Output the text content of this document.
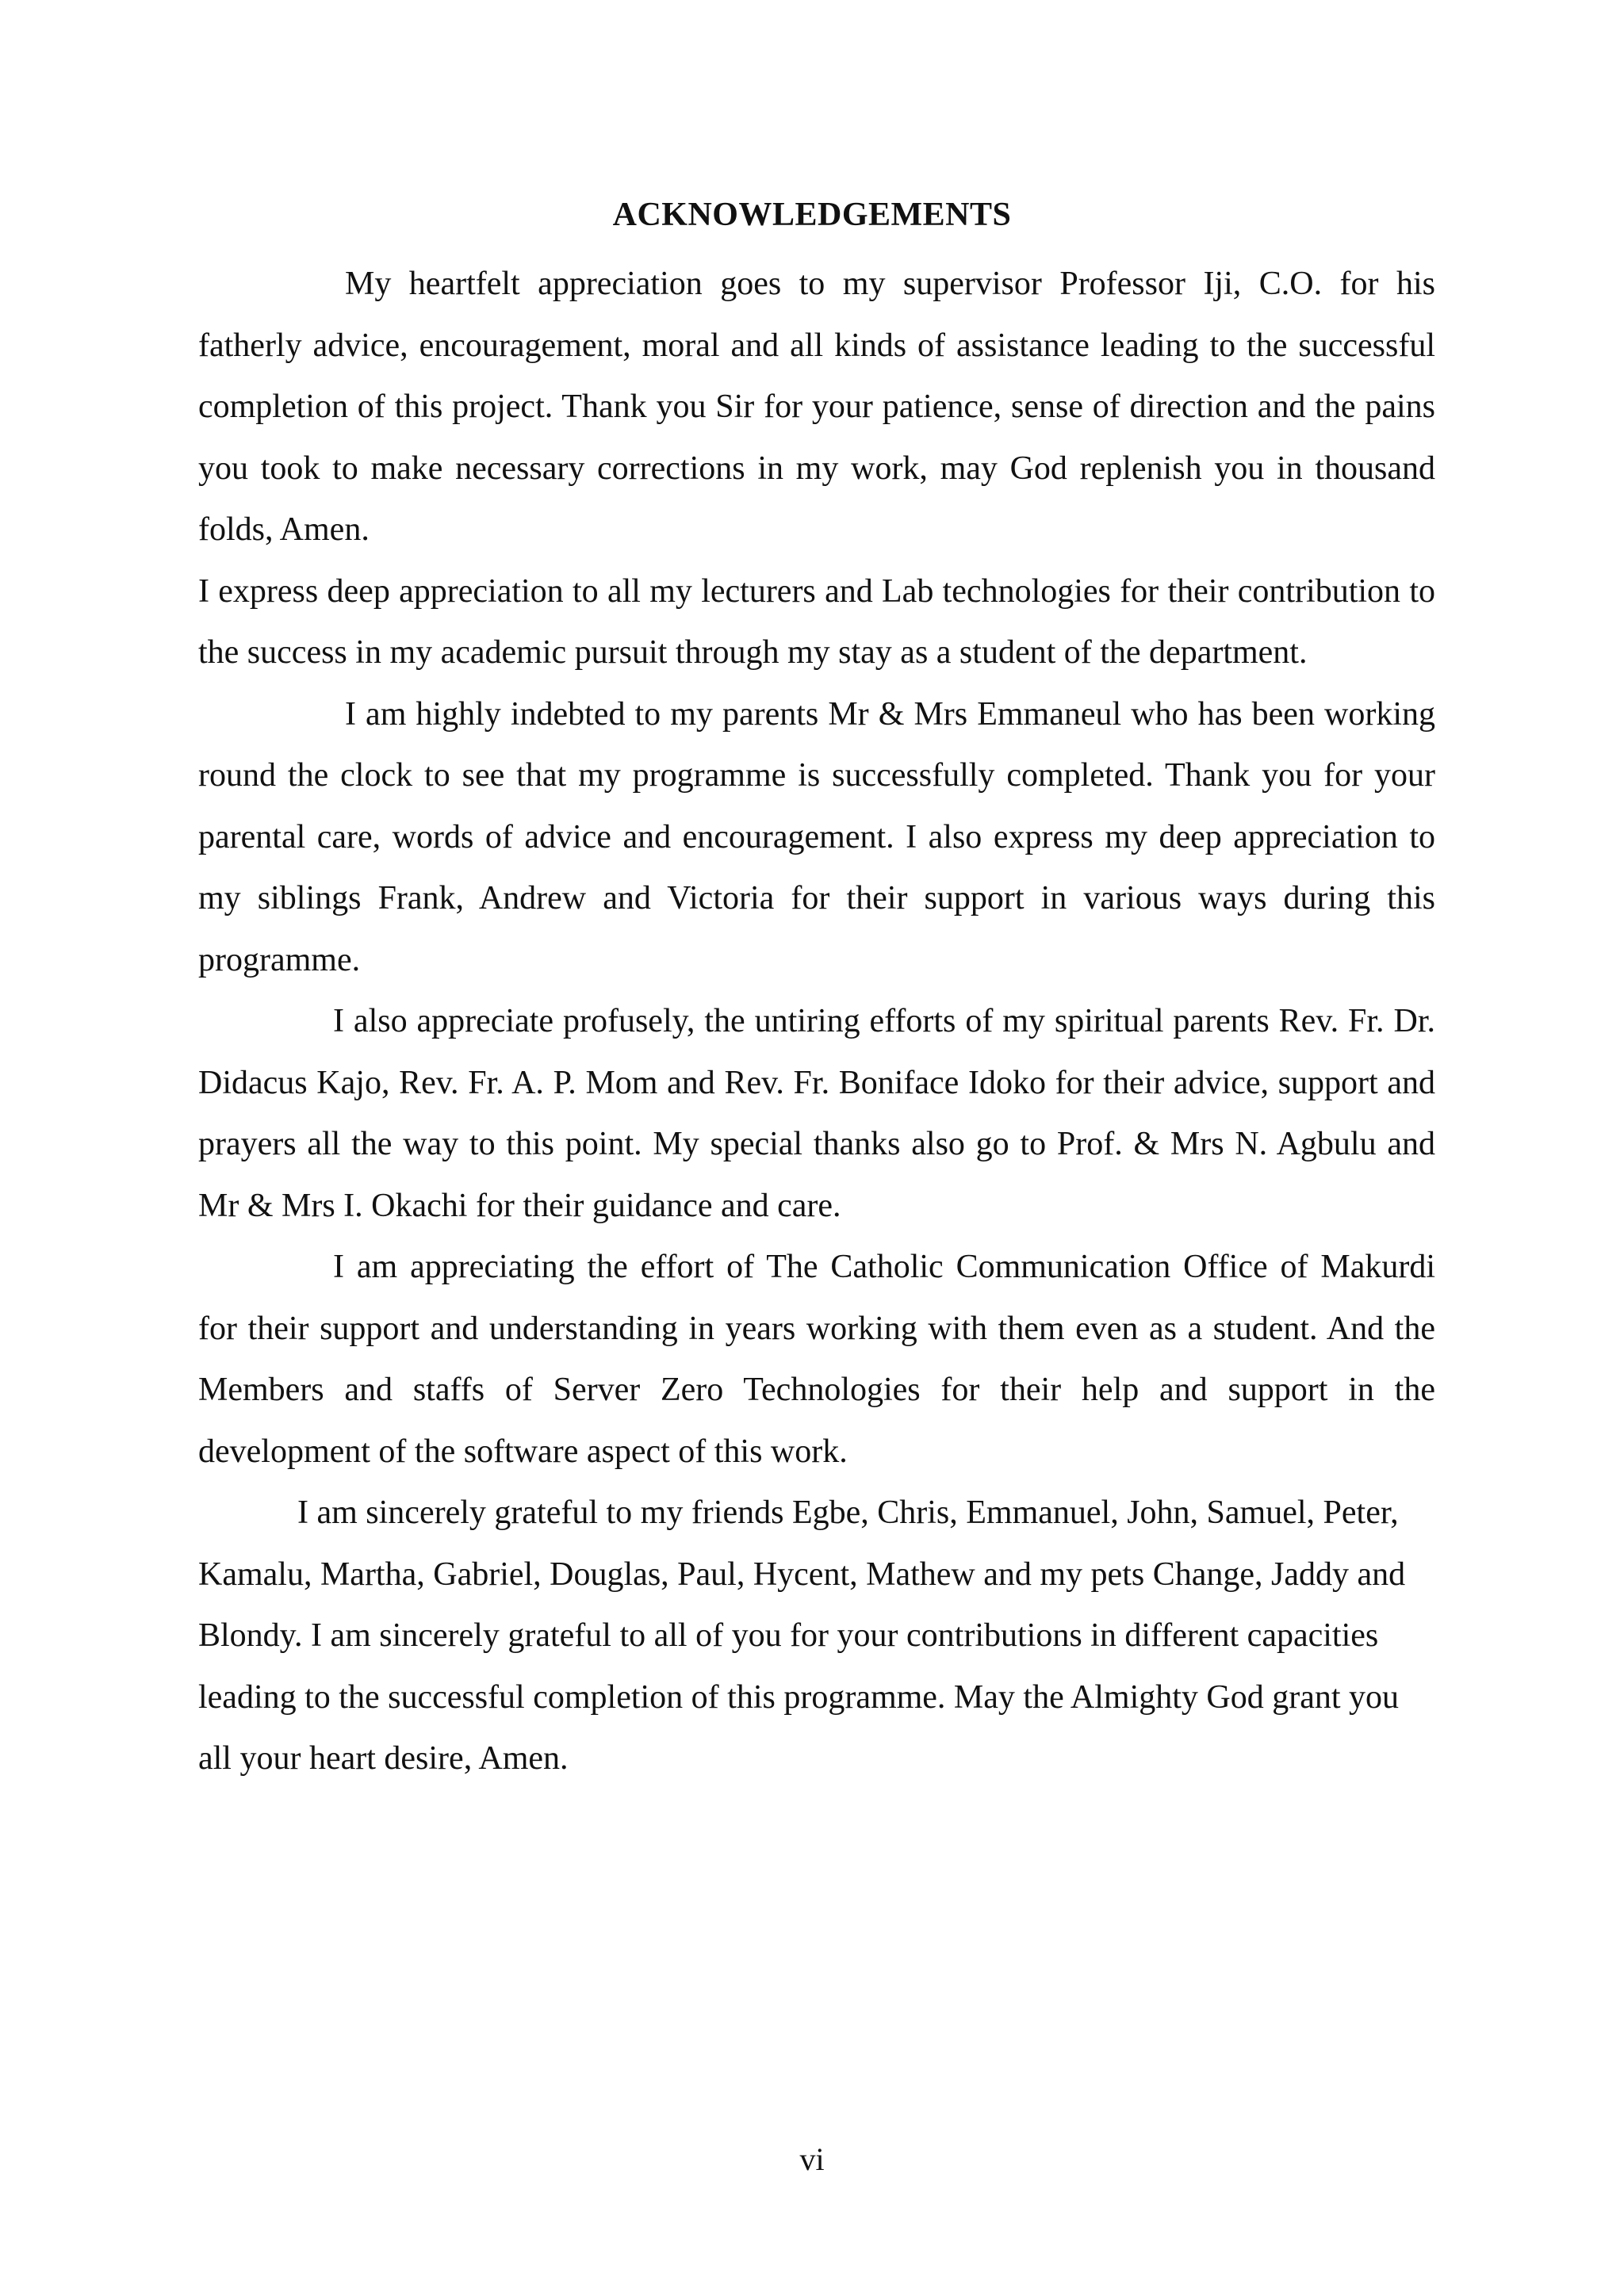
ACKNOWLEDGEMENTS

My heartfelt appreciation goes to my supervisor Professor Iji, C.O. for his fatherly advice, encouragement, moral and all kinds of assistance leading to the successful completion of this project. Thank you Sir for your patience, sense of direction and the pains you took to make necessary corrections in my work, may God replenish you in thousand folds, Amen.

I express deep appreciation to all my lecturers and Lab technologies for their contribution to the success in my academic pursuit through my stay as a student of the department.

I am highly indebted to my parents Mr & Mrs Emmaneul who has been working round the clock to see that my programme is successfully completed. Thank you for your parental care, words of advice and encouragement. I also express my deep appreciation to my siblings Frank, Andrew and Victoria for their support in various ways during this programme.

I also appreciate profusely, the untiring efforts of my spiritual parents Rev. Fr. Dr. Didacus Kajo, Rev. Fr. A. P. Mom and Rev. Fr. Boniface Idoko for their advice, support and prayers all the way to this point. My special thanks also go to Prof. & Mrs N. Agbulu and Mr & Mrs I. Okachi for their guidance and care.

I am appreciating the effort of The Catholic Communication Office of Makurdi for their support and understanding in years working with them even as a student. And the Members and staffs of Server Zero Technologies for their help and support in the development of the software aspect of this work.

I am sincerely grateful to my friends Egbe, Chris, Emmanuel, John, Samuel, Peter, Kamalu, Martha, Gabriel, Douglas, Paul, Hycent, Mathew and my pets Change, Jaddy and Blondy. I am sincerely grateful to all of you for your contributions in different capacities leading to the successful completion of this programme. May the Almighty God grant you all your heart desire, Amen.

vi
